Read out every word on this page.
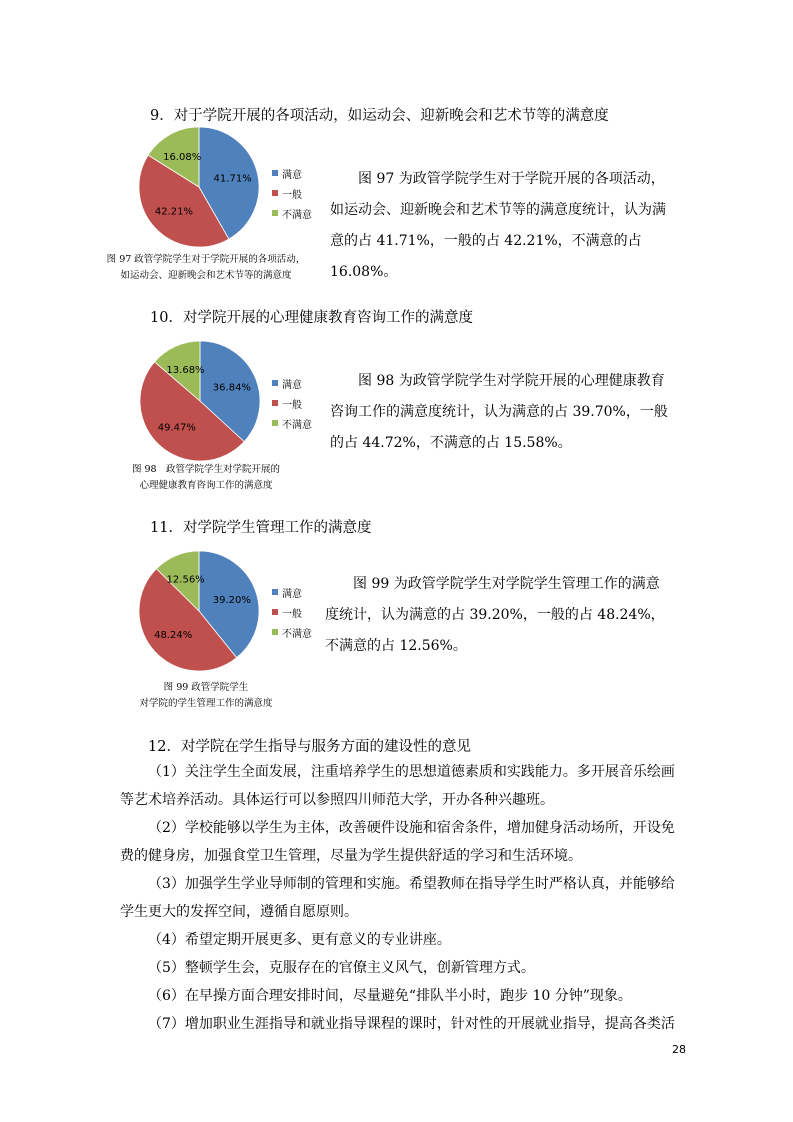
9．对于学院开展的各项活动，如运动会、迎新晚会和艺术节等的满意度
41.71%
42.21%
16.08%
满意
一般
不满意
图 97 为政管学院学生对于学院开展的各项活动，如运动会、迎新晚会和艺术节等的满意度统计，认为满意的占 41.71%，一般的占 42.21%，不满意的占 16.08%。
图 97 政管学院学生对于学院开展的各项活动，
如运动会、迎新晚会和艺术节等的满意度
10．对学院开展的心理健康教育咨询工作的满意度
36.84%
49.47%
13.68%
满意
一般
不满意
图 98 为政管学院学生对学院开展的心理健康教育咨询工作的满意度统计，认为满意的占 39.70%，一般的占 44.72%，不满意的占 15.58%。
图 98　政管学院学生对学院开展的
心理健康教育咨询工作的满意度
11．对学院学生管理工作的满意度
39.20%
48.24%
12.56%
满意
一般
不满意
图 99 为政管学院学生对学院学生管理工作的满意度统计，认为满意的占 39.20%，一般的占 48.24%，不满意的占 12.56%。
图 99 政管学院学生
对学院的学生管理工作的满意度
12．对学院在学生指导与服务方面的建设性的意见
（1）关注学生全面发展，注重培养学生的思想道德素质和实践能力。多开展音乐绘画等艺术培养活动。具体运行可以参照四川师范大学，开办各种兴趣班。
（2）学校能够以学生为主体，改善硬件设施和宿舍条件，增加健身活动场所，开设免费的健身房，加强食堂卫生管理，尽量为学生提供舒适的学习和生活环境。
（3）加强学生学业导师制的管理和实施。希望教师在指导学生时严格认真，并能够给学生更大的发挥空间，遵循自愿原则。
（4）希望定期开展更多、更有意义的专业讲座。
（5）整顿学生会，克服存在的官僚主义风气，创新管理方式。
（6）在早操方面合理安排时间，尽量避免“排队半小时，跑步 10 分钟”现象。
（7）增加职业生涯指导和就业指导课程的课时，针对性的开展就业指导，提高各类活
28
